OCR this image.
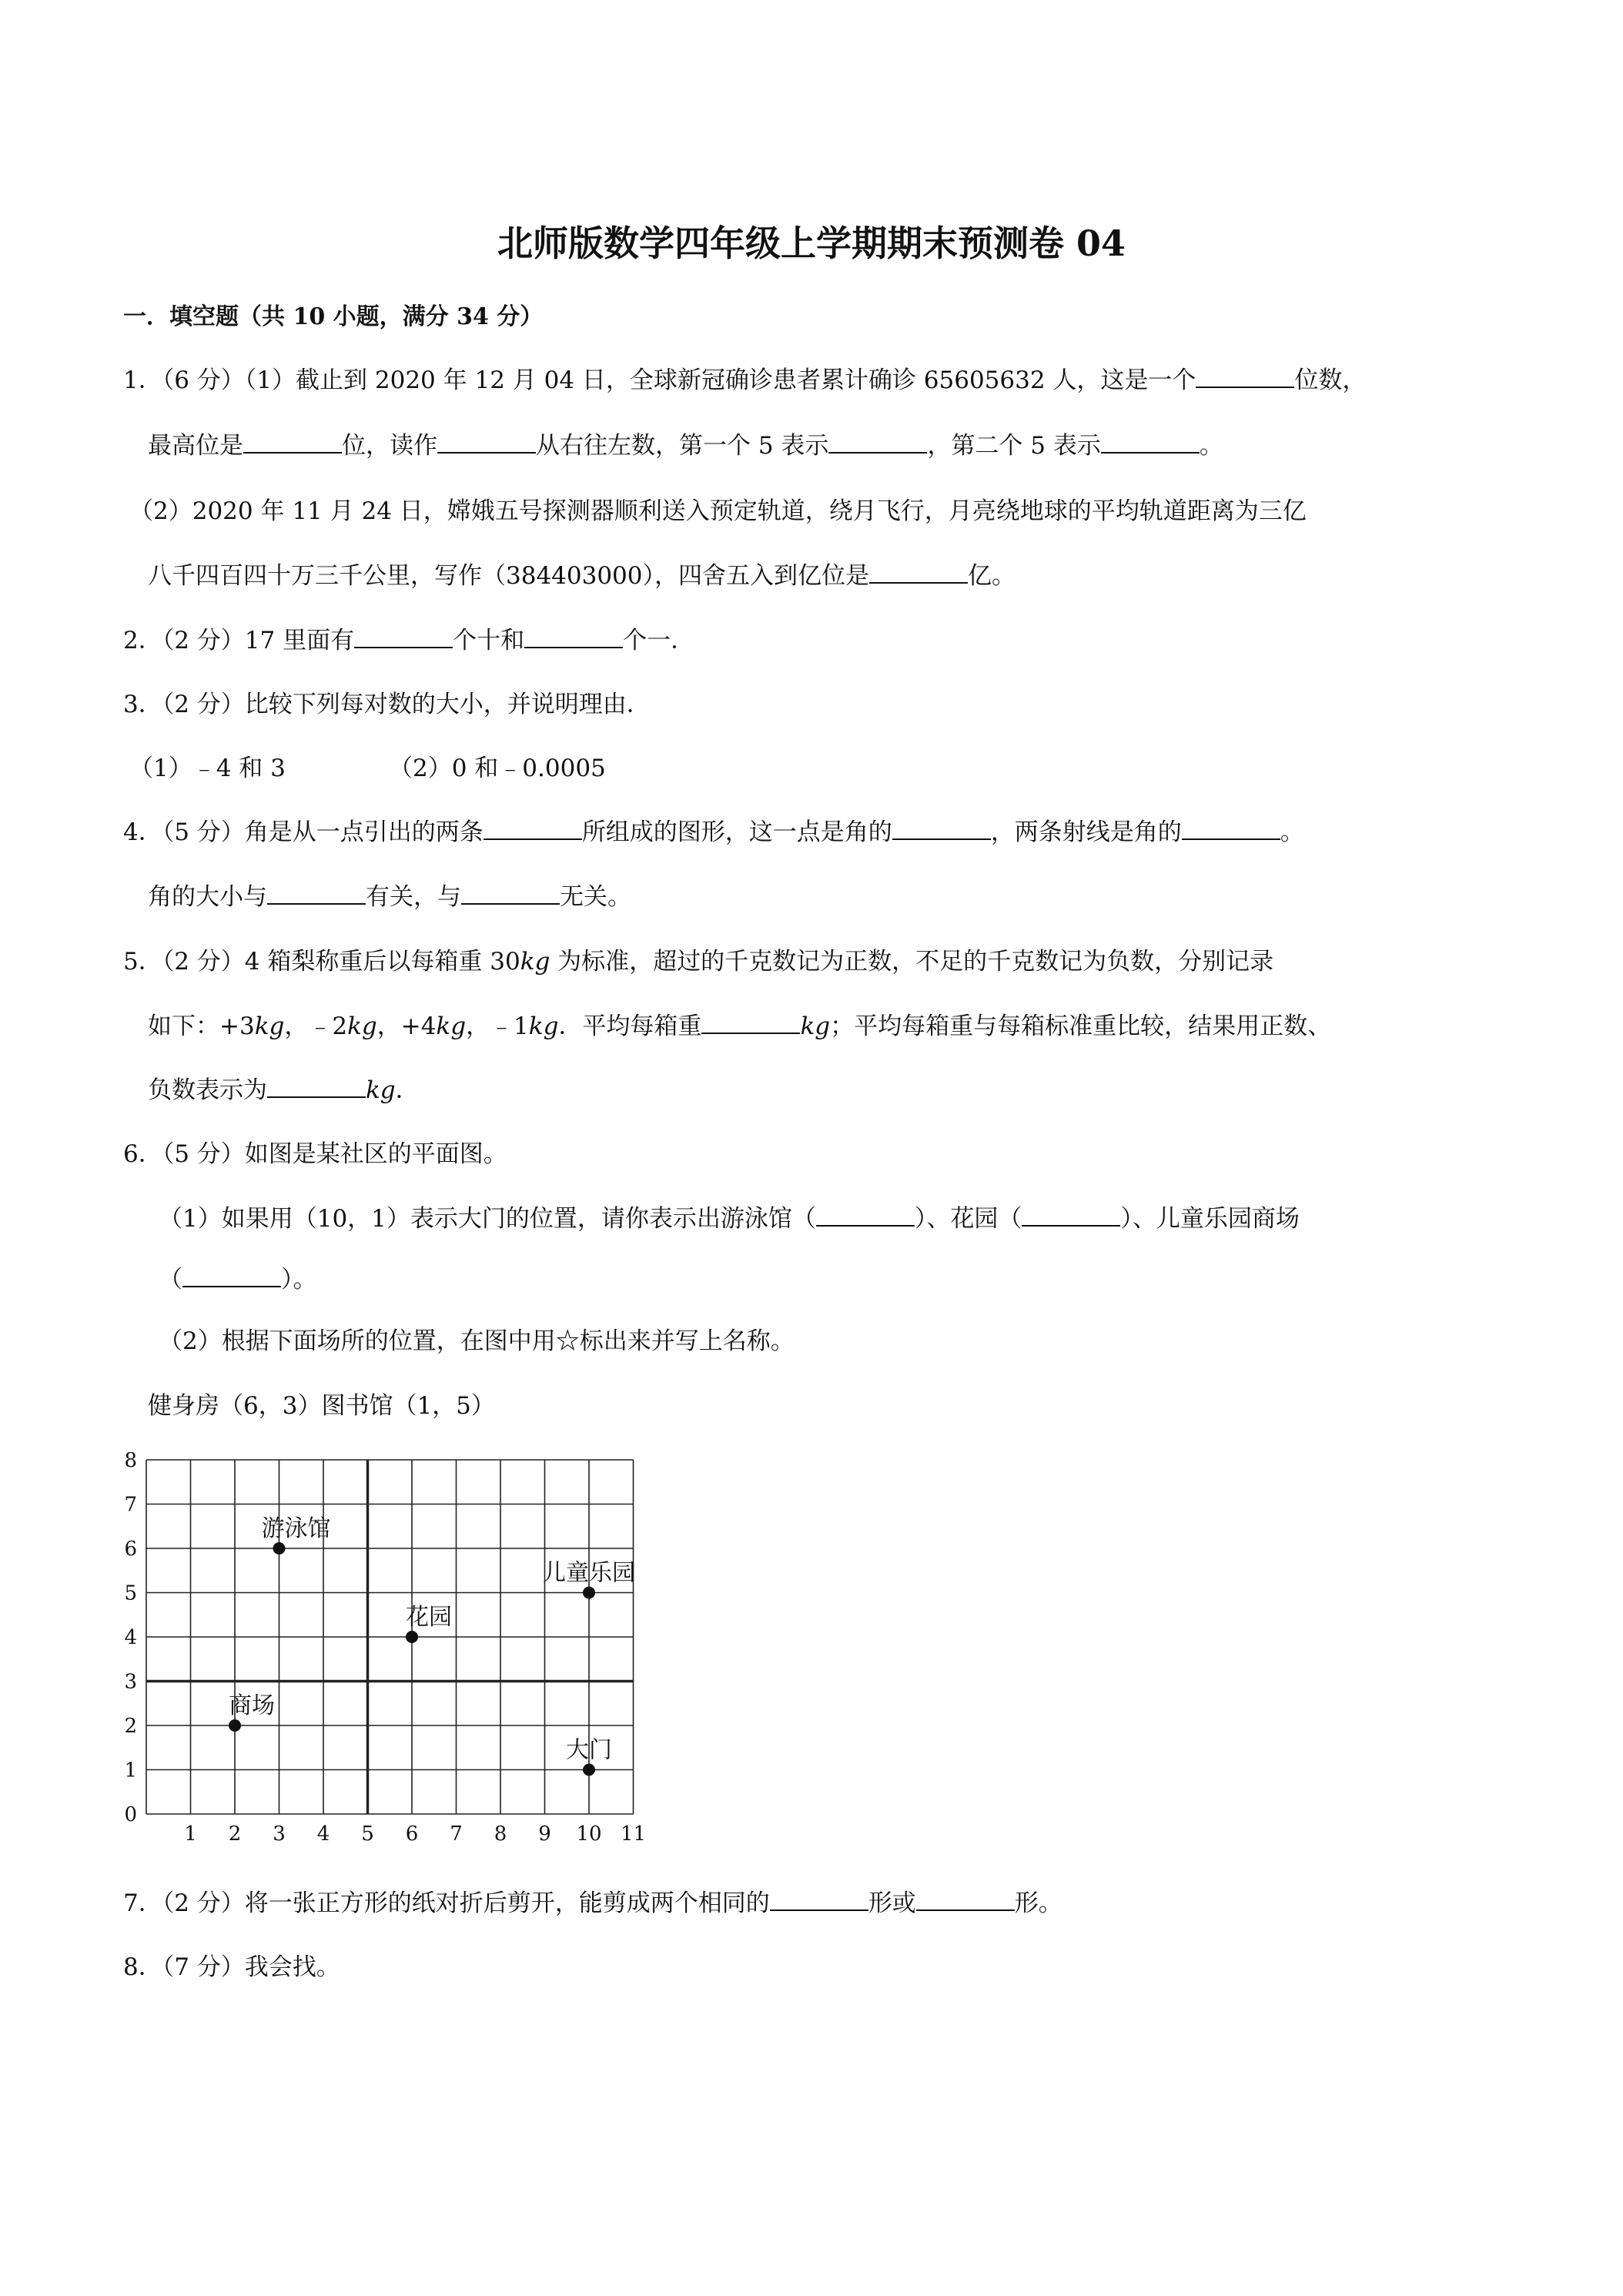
北师版数学四年级上学期期末预测卷 04
一．填空题（共 10 小题，满分 34 分）
1．（6 分）（1）截止到 2020 年 12 月 04 日，全球新冠确诊患者累计确诊 65605632 人，这是一个	位数，
最高位是	位，读作	从右往左数，第一个 5 表示	，第二个 5 表示	。
（2）2020 年 11 月 24 日，嫦娥五号探测器顺利送入预定轨道，绕月飞行，月亮绕地球的平均轨道距离为三亿
八千四百四十万三千公里，写作（384403000），四舍五入到亿位是	亿。
2．（2 分）17 里面有	个十和	个一．
3．（2 分）比较下列每对数的大小，并说明理由．
（1）﹣4 和 3	（2）0 和﹣0.0005
4．（5 分）角是从一点引出的两条	所组成的图形，这一点是角的	，两条射线是角的	。
角的大小与	有关，与	无关。
5．（2 分）4 箱梨称重后以每箱重 30kg 为标准，超过的千克数记为正数，不足的千克数记为负数，分别记录
如下：+3kg，﹣2kg，+4kg，﹣1kg．平均每箱重	kg；平均每箱重与每箱标准重比较，结果用正数、
负数表示为	kg．
6．（5 分）如图是某社区的平面图。
（1）如果用（10，1）表示大门的位置，请你表示出游泳馆（	）、花园（	）、儿童乐园商场
（	）。
（2）根据下面场所的位置，在图中用☆标出来并写上名称。
健身房（6，3）图书馆（1，5）
1 2 3 4 5 6 7 8 9 10 11
0
1
2
3
4
5
6
7
8
游泳馆
儿童乐园
花园
商场
大门
7．（2 分）将一张正方形的纸对折后剪开，能剪成两个相同的	形或	形。
8．（7 分）我会找。
